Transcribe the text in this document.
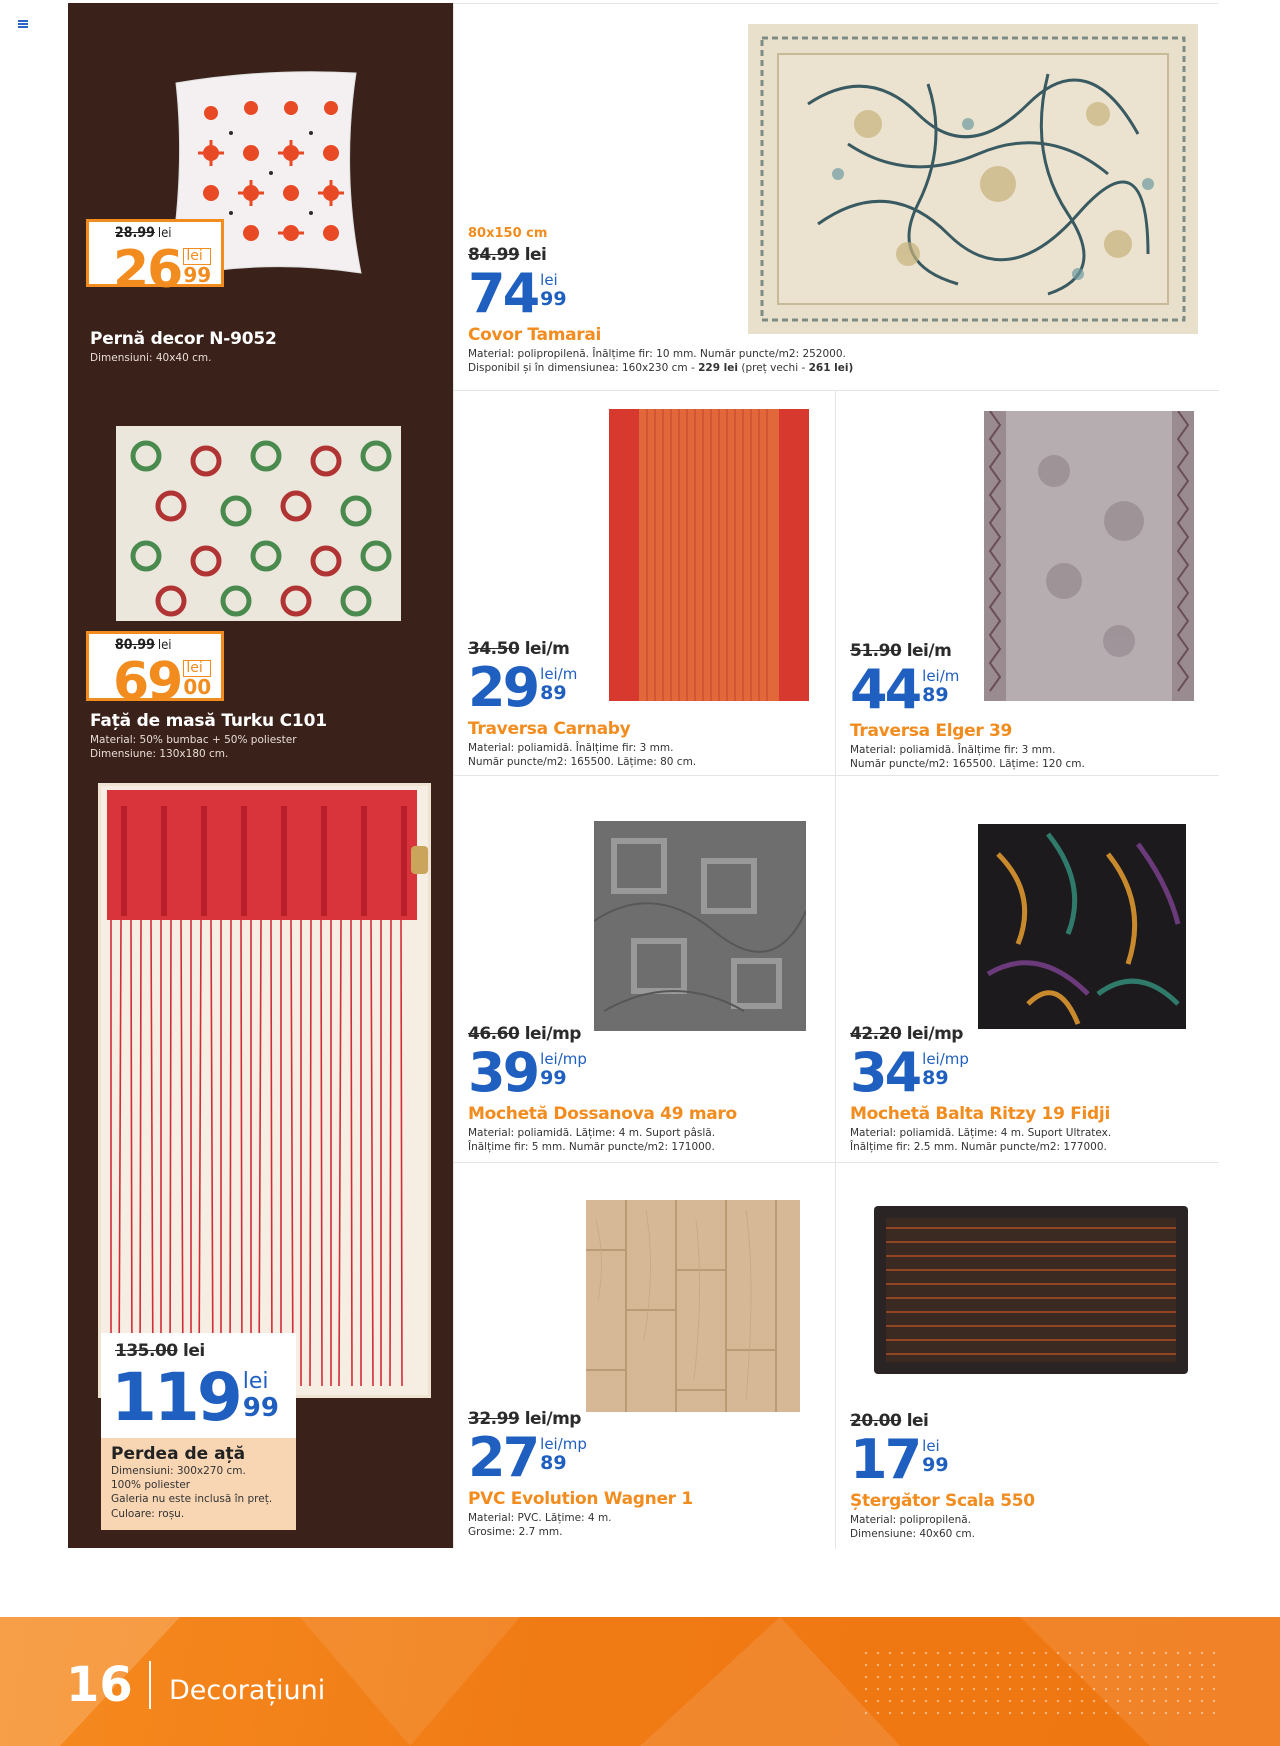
28.99 lei
26 lei
99
Pernă decor N-9052
Dimensiuni: 40x40 cm.
80.99 lei
69 lei
00
Față de masă Turku C101
Material: 50% bumbac + 50% poliester
Dimensiune: 130x180 cm.
135.00 lei
119 lei
99
Perdea de ață
Dimensiuni: 300x270 cm.
100% poliester
Galeria nu este inclusă în preț.
Culoare: roșu.
80x150 cm
84.99 lei
74 lei
99
Covor Tamarai
Material: polipropilenă. Înălțime fir: 10 mm. Număr puncte/m2: 252000.
Disponibil și în dimensiunea: 160x230 cm - 229 lei (preț vechi - 261 lei)
34.50 lei/m
29 lei/m
89
Traversa Carnaby
Material: poliamidă. Înălțime fir: 3 mm.
Număr puncte/m2: 165500. Lățime: 80 cm.
51.90 lei/m
44 lei/m
89
Traversa Elger 39
Material: poliamidă. Înălțime fir: 3 mm.
Număr puncte/m2: 165500. Lățime: 120 cm.
46.60 lei/mp
39 lei/mp
99
Mochetă Dossanova 49 maro
Material: poliamidă. Lățime: 4 m. Suport pâslă.
Înălțime fir: 5 mm. Număr puncte/m2: 171000.
42.20 lei/mp
34 lei/mp
89
Mochetă Balta Ritzy 19 Fidji
Material: poliamidă. Lățime: 4 m. Suport Ultratex.
Înălțime fir: 2.5 mm. Număr puncte/m2: 177000.
32.99 lei/mp
27 lei/mp
89
PVC Evolution Wagner 1
Material: PVC. Lățime: 4 m.
Grosime: 2.7 mm.
20.00 lei
17 lei
99
Ștergător Scala 550
Material: polipropilenă.
Dimensiune: 40x60 cm.
16 Decorațiuni
